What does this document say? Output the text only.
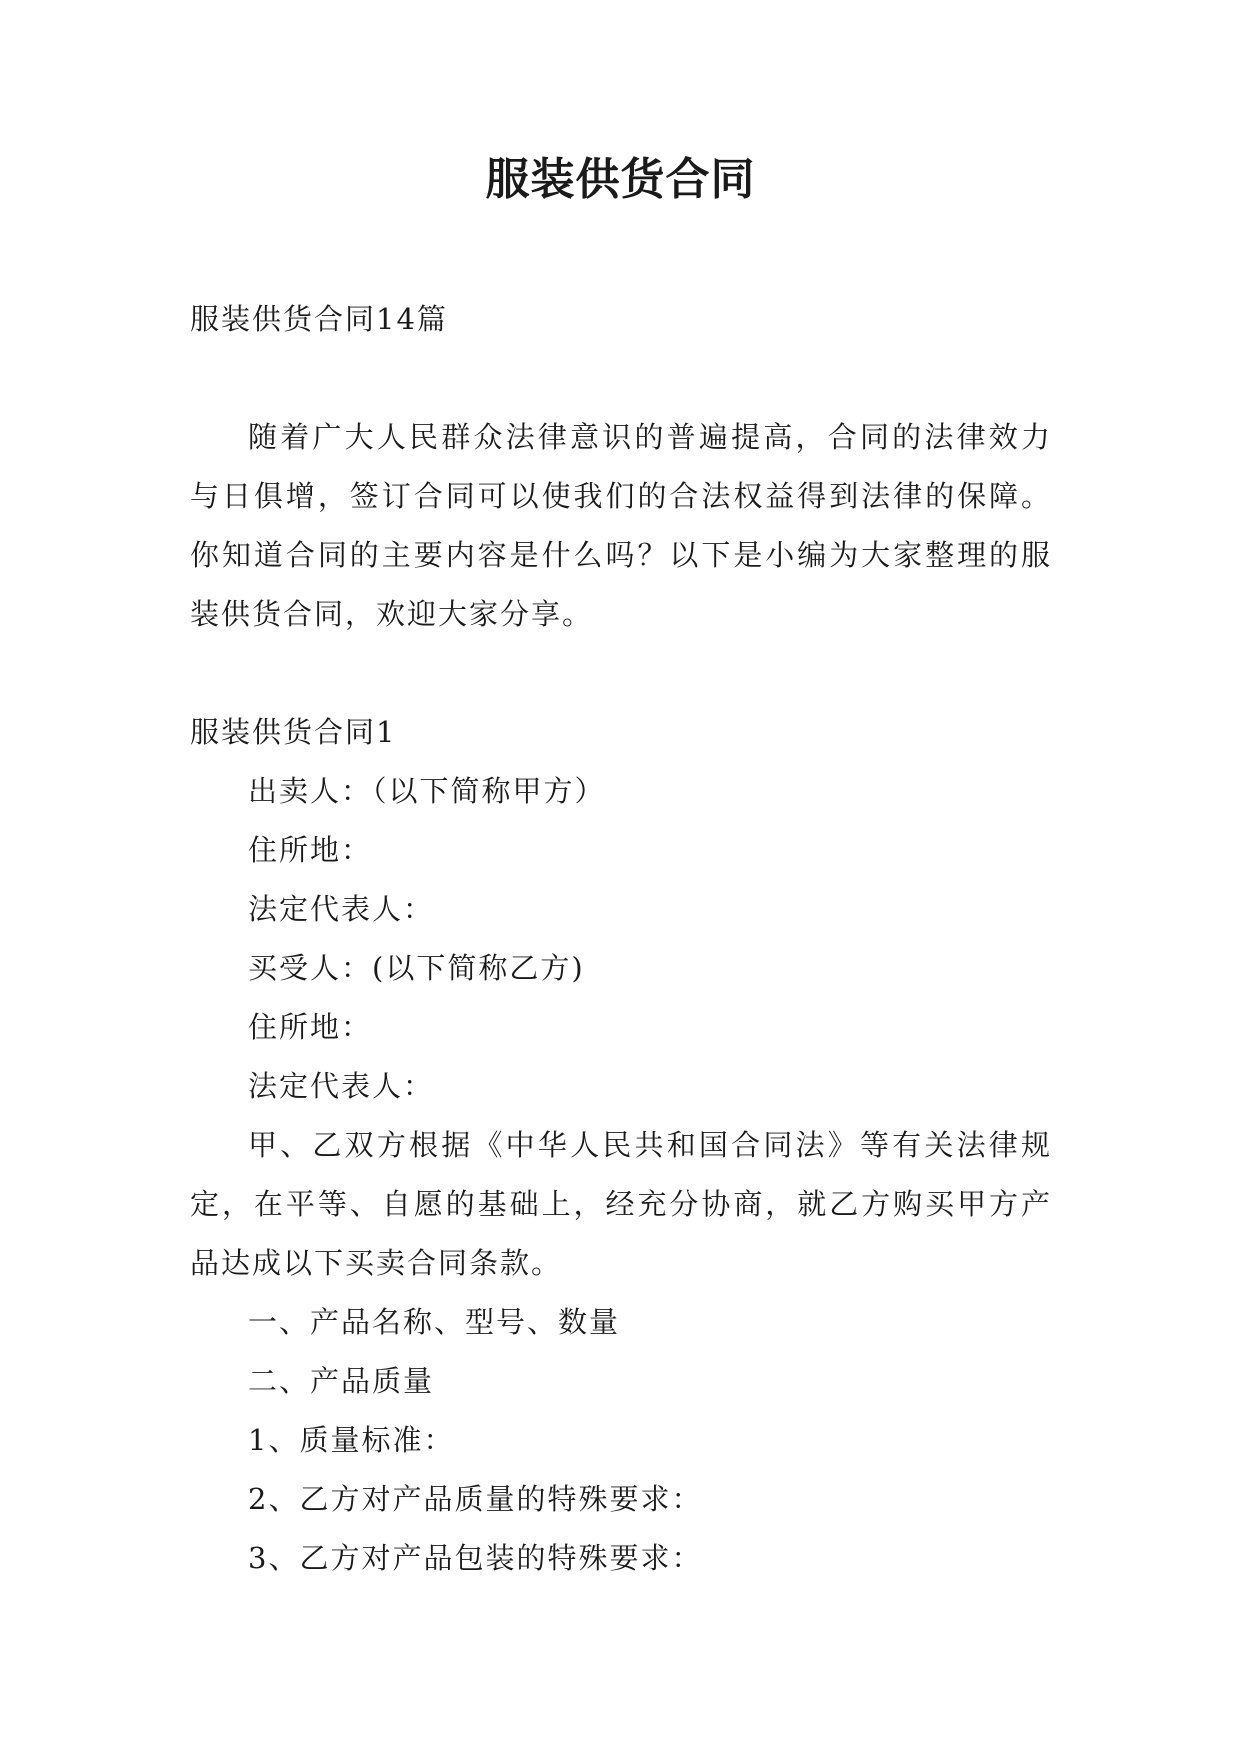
服装供货合同

服装供货合同14篇

随着广大人民群众法律意识的普遍提高，合同的法律效力与日俱增，签订合同可以使我们的合法权益得到法律的保障。你知道合同的主要内容是什么吗？以下是小编为大家整理的服装供货合同，欢迎大家分享。

服装供货合同1

出卖人：（以下简称甲方）

住所地：

法定代表人：

买受人：(以下简称乙方)

住所地：

法定代表人：

甲、乙双方根据《中华人民共和国合同法》等有关法律规定，在平等、自愿的基础上，经充分协商，就乙方购买甲方产品达成以下买卖合同条款。

一、产品名称、型号、数量

二、产品质量

1、质量标准：

2、乙方对产品质量的特殊要求：

3、乙方对产品包装的特殊要求：
